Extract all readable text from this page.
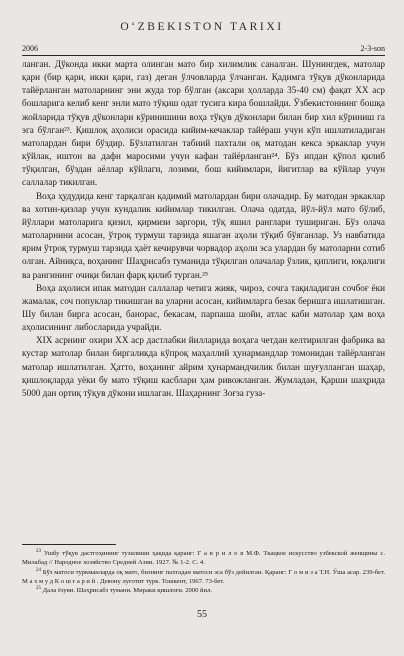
O‘ZBEKISTON TARIXI
2006	2-3-son

ланган. Дўконда икки марта олинган мато бир хилимлик саналган. Шунингдек, матолар қари (бир қари, икки қари, газ) деган ўлчовларда ўлчанган. Қадимга тўқув дўконларида тайёрланган матоларнинг эни жуда тор бўлган (аксари ҳолларда 35-40 см) фақат ХХ аср бошларига келиб кенг энли мато тўқиш одат тусига кира бошлайди. Ўзбекистоннинг бошқа жойларида тўқув дўконлари кўринишини воҳа тўқув дўконлари билан бир хил кўриниш га эга бўлган²³. Қишлоқ аҳолиси орасида кийим-кечаклар тайёраш учун кўп ишлатиладиган матолардан бири бўздир. Бўзлатилган табиий пахтали оқ матодан кекса эркаклар учун кўйлак, иштон ва дафн маросими учун кафан тайёрланган²⁴. Бўз ипдан қўпол қилиб тўқилган, бўздан аёллар кўйлаги, лозими, бош кийимлари, йигитлар ва кўйлар учун саллалар тикилган.

Воҳа ҳудудида кенг тарқалган қадимий матолардан бири олачадир. Бу матодан эркаклар ва хотин-қизлар учун кундалик кийимлар тикилган. Олача одатда, йўл-йўл мато бўлиб, йўллари матоларига қизил, қирмизи заргори, тўқ яшил ранглари тушириган. Бўз олача матоларнини асосан, ўтроқ турмуш тарзида яшаган аҳоли тўқиб бўяганлар. Уз навбатида ярим ўтроқ турмуш тарзида ҳаёт кечирувчи чорвадор аҳоли эса улардан бу матоларни сотиб олган. Айниқса, воҳанинг Шаҳрисабз туманида тўқилган олачалар ўзлик, қиплиги, юқалиги ва рангининг очиқи билан фарқ қилиб турган.²⁵

Воҳа аҳолиси ипак матодан саллалар четига жияк, чироз, сочга тақиладиган сочбоғ ёки жамалак, соч попуклар тикишган ва уларни асосан, кийимларга безак беришга ишлатишган. Шу билан бирга асосан, банорас, бекасам, парпаша шойи, атлас каби матолар ҳам воҳа аҳолисининг либосларида учрайди.

XIX асрнинг охири ХХ аср дастлабки йилларида воҳага четдан келтирилган фабрика ва кустар матолар билан биргаликда кўпроқ маҳаллий ҳунармандлар томонидан тайёрланган матолар ишлатилган. Ҳатто, воҳанинг айрим ҳунармандчилик билан шуғулланган шаҳар, қишлоқларда уёки бу мато тўқиш касблари ҳам ривожланган. Жумладан, Қарши шаҳрида 5000 дан ортиқ тўқув дўкони ишлаган. Шаҳарнинг Зоғза гуза-

$^{23}$ Ушбу тўқув дастгоҳининг тузилиши ҳақида қаранг: Г а в р и л о в М.Ф. Ткацкое искусство узбекской женщины с. Милабад // Народное хозяйство Средней Азии. 1927. № 1-2. С. 4.

$^{24}$ Бўз матоси туркманларда оқ мато, бизнинг пахтадан матоси эса бўз дейилган. Қаранг: Г о м и з а Т.Н. Ўша асар. 239-бет. М а х м у д К о ш ғ а р и й . Девону луғотит турк. Тошкент, 1967. 73-бет.

$^{25}$ Дала ёзуви. Шаҳрисабз тумани. Мираки қишлоғи. 2000 йил.

55
